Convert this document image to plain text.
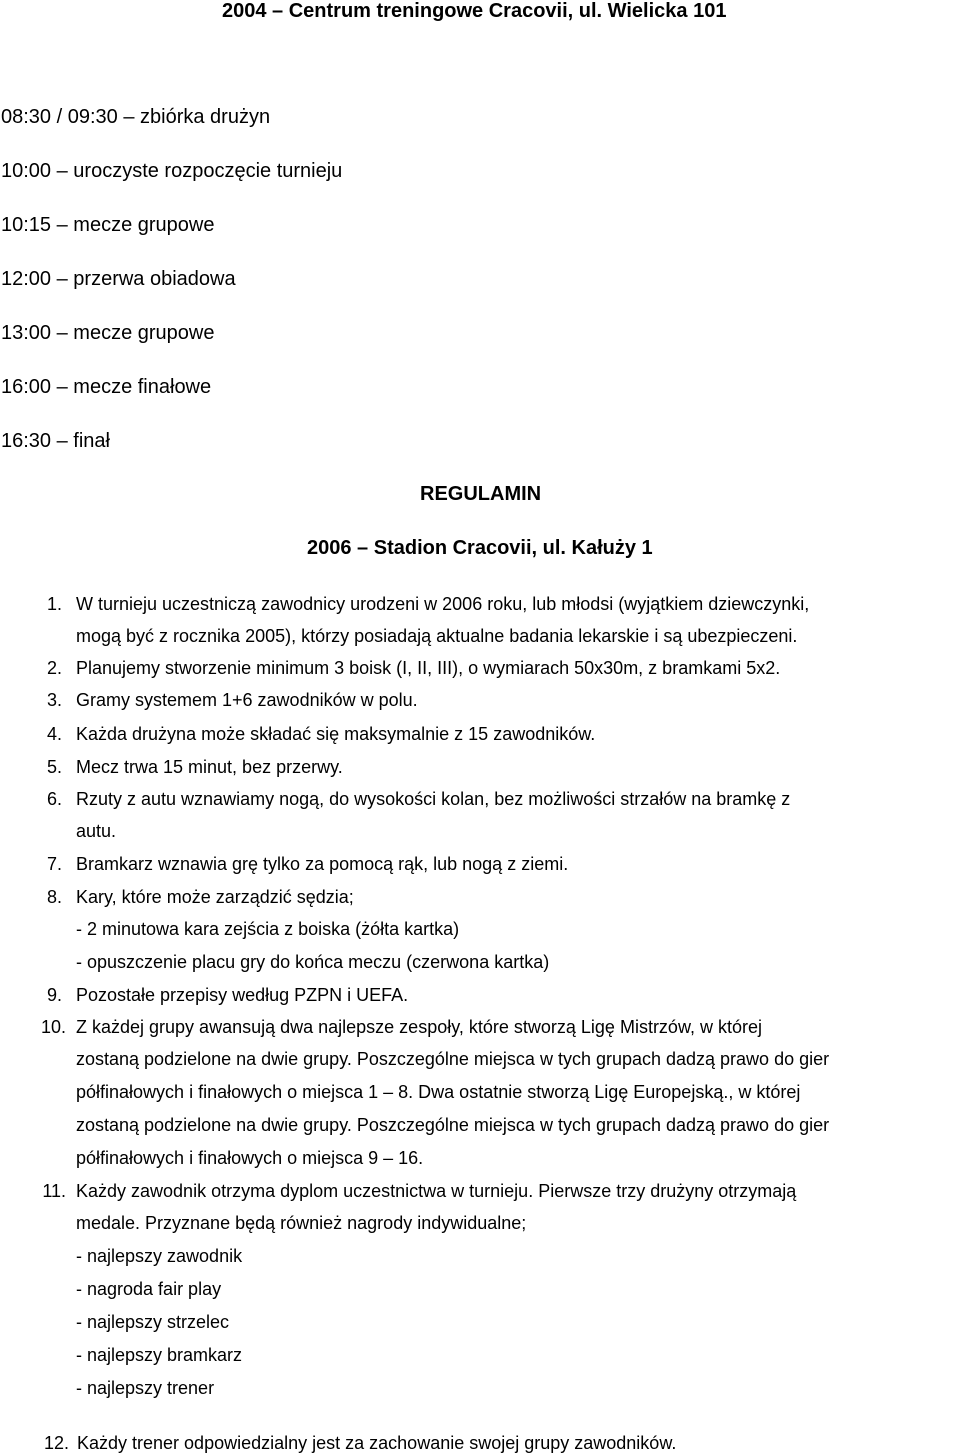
2004 – Centrum treningowe Cracovii, ul. Wielicka 101
08:30 / 09:30 – zbiórka drużyn
10:00 – uroczyste rozpoczęcie turnieju
10:15 – mecze grupowe
12:00 – przerwa obiadowa
13:00 – mecze grupowe
16:00 – mecze finałowe
16:30 – finał
REGULAMIN
2006 – Stadion Cracovii, ul. Kałuży 1
1. W turnieju uczestniczą zawodnicy urodzeni w 2006 roku, lub młodsi (wyjątkiem dziewczynki,
mogą być z rocznika 2005), którzy posiadają aktualne badania lekarskie i są ubezpieczeni.
2. Planujemy stworzenie minimum 3 boisk (I, II, III), o wymiarach 50x30m, z bramkami 5x2.
3. Gramy systemem 1+6 zawodników w polu.
4. Każda drużyna może składać się maksymalnie z 15 zawodników.
5. Mecz trwa 15 minut, bez przerwy.
6. Rzuty z autu wznawiamy nogą, do wysokości kolan, bez możliwości strzałów na bramkę z
autu.
7. Bramkarz wznawia grę tylko za pomocą rąk, lub nogą z ziemi.
8. Kary, które może zarządzić sędzia;
- 2 minutowa kara zejścia z boiska (żółta kartka)
- opuszczenie placu gry do końca meczu (czerwona kartka)
9. Pozostałe przepisy według PZPN i UEFA.
10. Z każdej grupy awansują dwa najlepsze zespoły, które stworzą Ligę Mistrzów, w której
zostaną podzielone na dwie grupy. Poszczególne miejsca w tych grupach dadzą prawo do gier
półfinałowych i finałowych o miejsca 1 – 8. Dwa ostatnie stworzą Ligę Europejską., w której
zostaną podzielone na dwie grupy. Poszczególne miejsca w tych grupach dadzą prawo do gier
półfinałowych i finałowych o miejsca 9 – 16.
11. Każdy zawodnik otrzyma dyplom uczestnictwa w turnieju. Pierwsze trzy drużyny otrzymają
medale. Przyznane będą również nagrody indywidualne;
- najlepszy zawodnik
- nagroda fair play
- najlepszy strzelec
- najlepszy bramkarz
- najlepszy trener
12. Każdy trener odpowiedzialny jest za zachowanie swojej grupy zawodników.
